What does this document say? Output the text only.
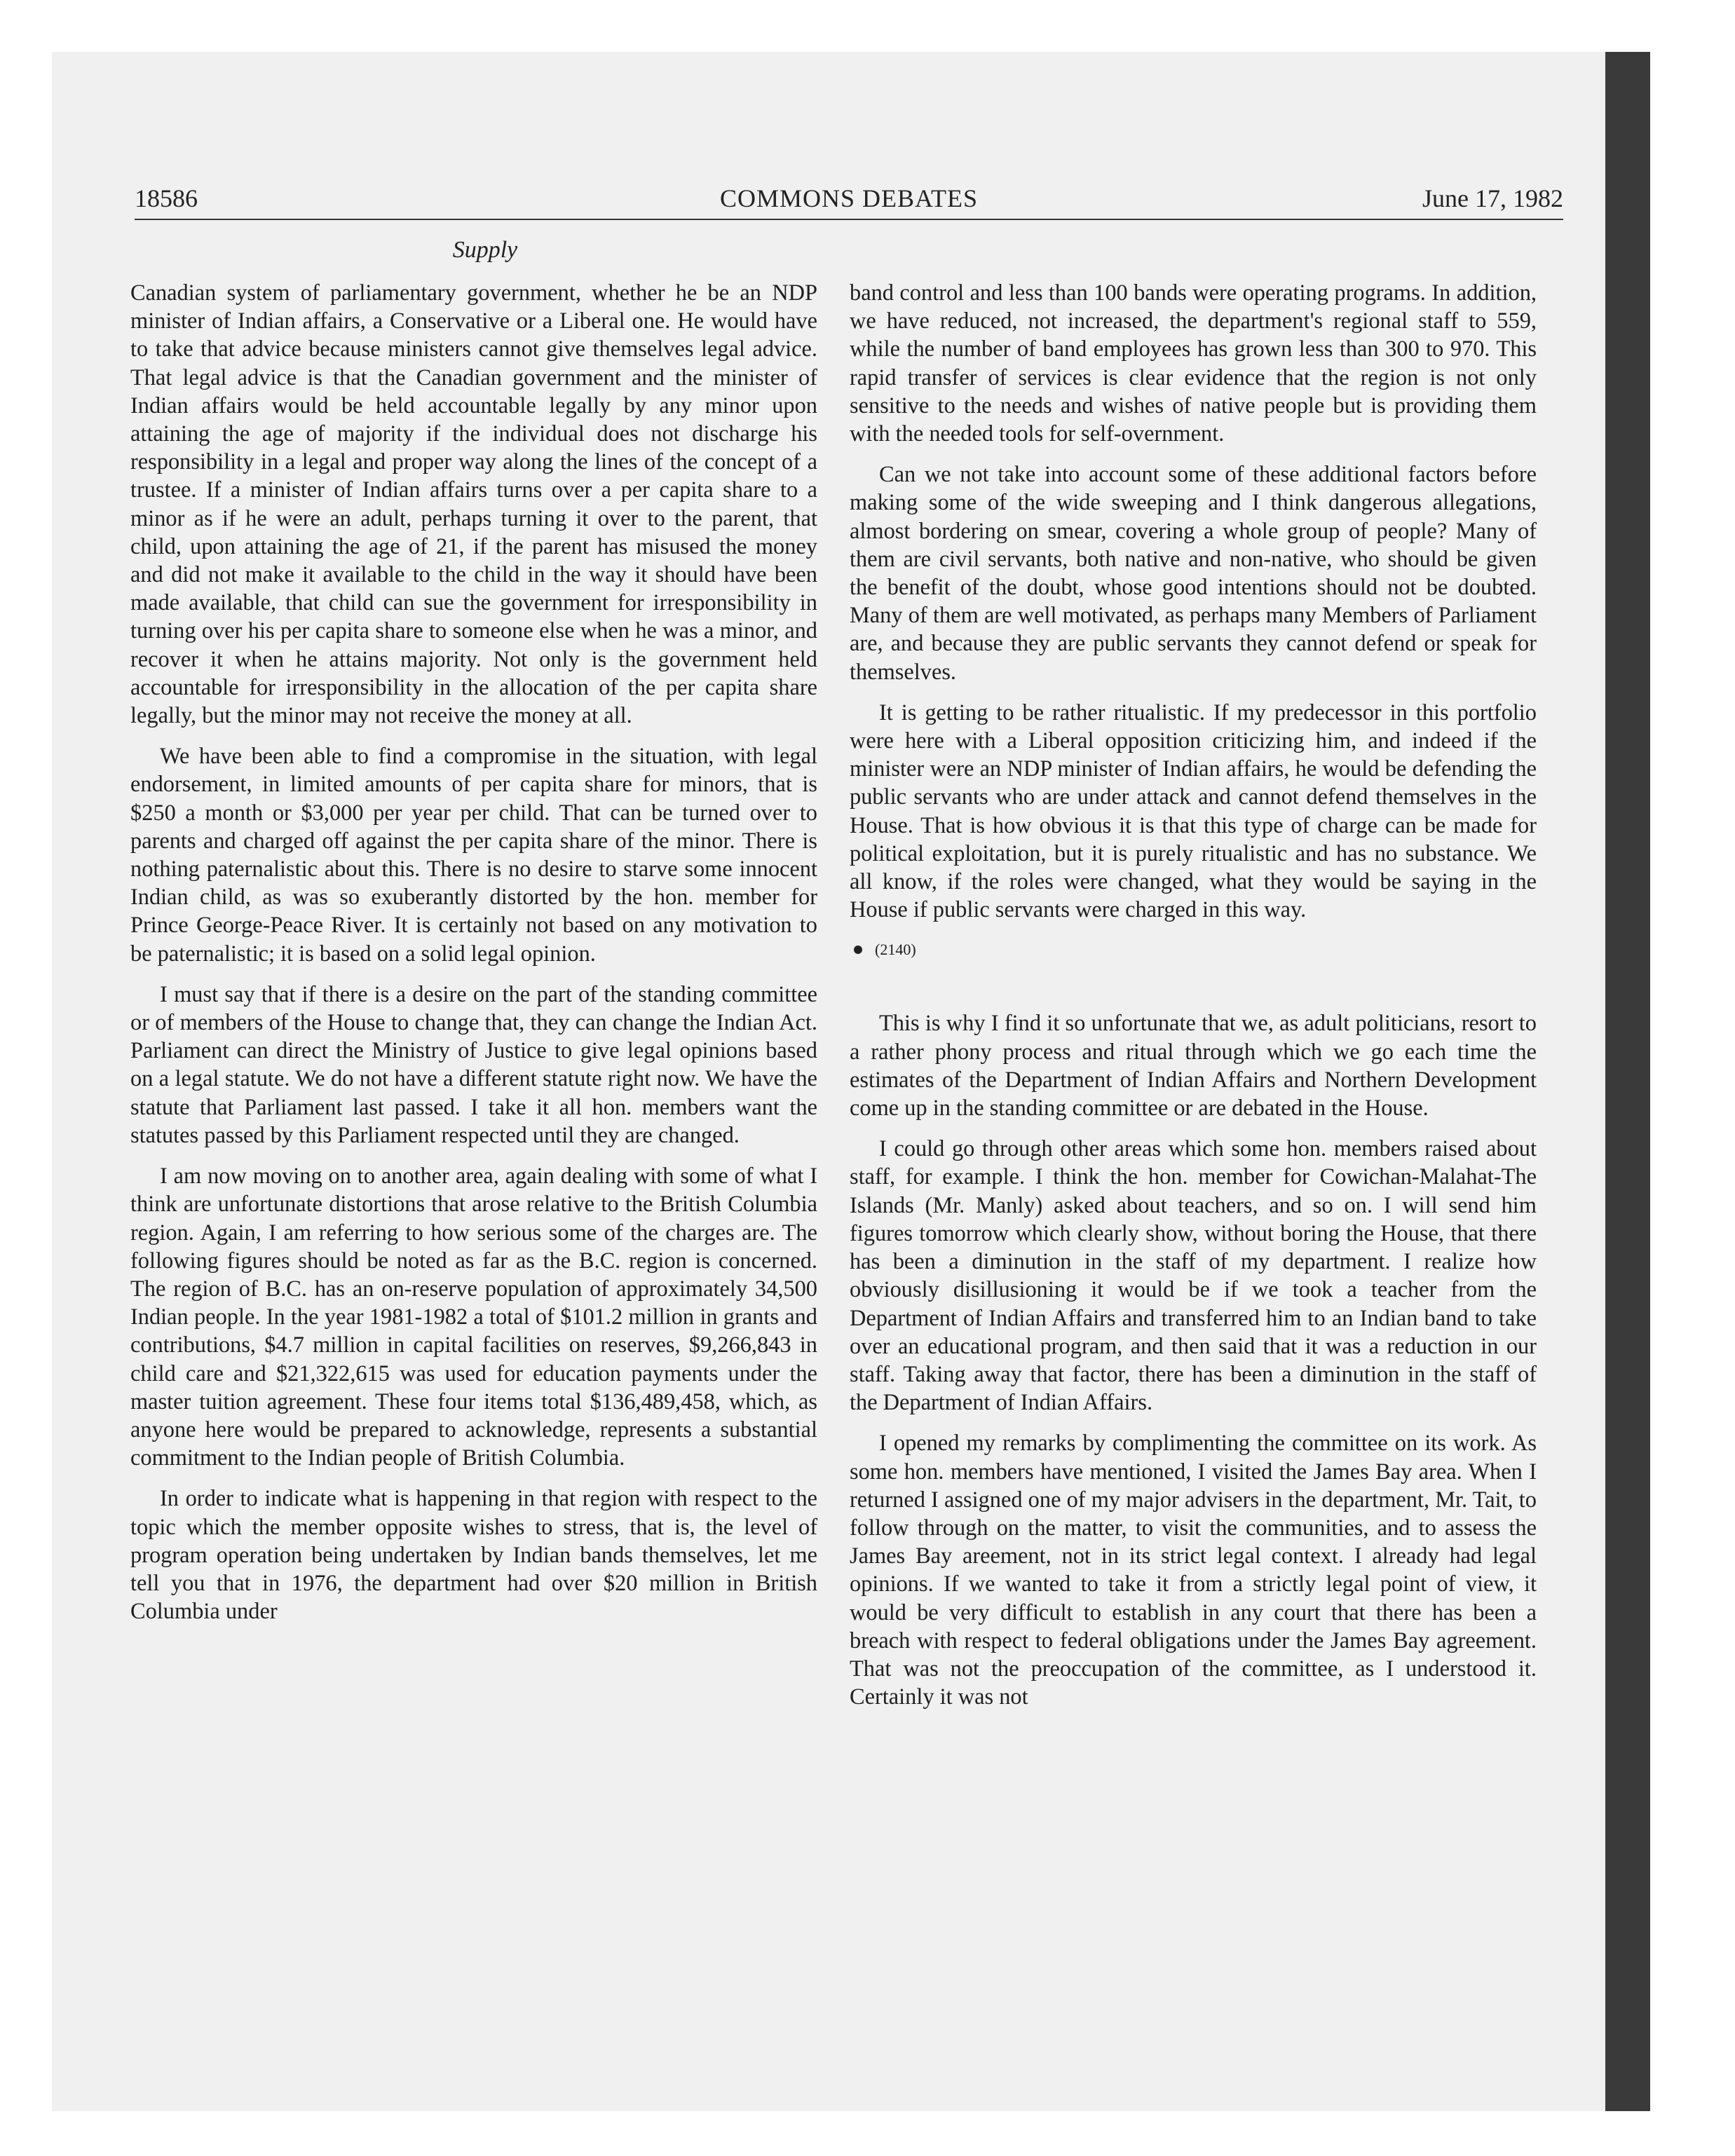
18586	COMMONS DEBATES	June 17, 1982
Supply

Canadian system of parliamentary government, whether he be an NDP minister of Indian affairs, a Conservative or a Liberal one. He would have to take that advice because ministers cannot give themselves legal advice. That legal advice is that the Canadian government and the minister of Indian affairs would be held accountable legally by any minor upon attaining the age of majority if the individual does not discharge his responsibility in a legal and proper way along the lines of the concept of a trustee. If a minister of Indian affairs turns over a per capita share to a minor as if he were an adult, perhaps turning it over to the parent, that child, upon attaining the age of 21, if the parent has misused the money and did not make it available to the child in the way it should have been made available, that child can sue the government for irresponsibility in turning over his per capita share to someone else when he was a minor, and recover it when he attains majority. Not only is the government held accountable for irresponsibility in the allocation of the per capita share legally, but the minor may not receive the money at all.

We have been able to find a compromise in the situation, with legal endorsement, in limited amounts of per capita share for minors, that is $250 a month or $3,000 per year per child. That can be turned over to parents and charged off against the per capita share of the minor. There is nothing paternalistic about this. There is no desire to starve some innocent Indian child, as was so exuberantly distorted by the hon. member for Prince George-Peace River. It is certainly not based on any motivation to be paternalistic; it is based on a solid legal opinion.

I must say that if there is a desire on the part of the standing committee or of members of the House to change that, they can change the Indian Act. Parliament can direct the Ministry of Justice to give legal opinions based on a legal statute. We do not have a different statute right now. We have the statute that Parliament last passed. I take it all hon. members want the statutes passed by this Parliament respected until they are changed.

I am now moving on to another area, again dealing with some of what I think are unfortunate distortions that arose relative to the British Columbia region. Again, I am referring to how serious some of the charges are. The following figures should be noted as far as the B.C. region is concerned. The region of B.C. has an on-reserve population of approximately 34,500 Indian people. In the year 1981-1982 a total of $101.2 million in grants and contributions, $4.7 million in capital facilities on reserves, $9,266,843 in child care and $21,322,615 was used for education payments under the master tuition agreement. These four items total $136,489,458, which, as anyone here would be prepared to acknowledge, represents a substantial commitment to the Indian people of British Columbia.

In order to indicate what is happening in that region with respect to the topic which the member opposite wishes to stress, that is, the level of program operation being undertaken by Indian bands themselves, let me tell you that in 1976, the department had over $20 million in British Columbia under

band control and less than 100 bands were operating programs. In addition, we have reduced, not increased, the department's regional staff to 559, while the number of band employees has grown less than 300 to 970. This rapid transfer of services is clear evidence that the region is not only sensitive to the needs and wishes of native people but is providing them with the needed tools for self-overnment.

Can we not take into account some of these additional factors before making some of the wide sweeping and I think dangerous allegations, almost bordering on smear, covering a whole group of people? Many of them are civil servants, both native and non-native, who should be given the benefit of the doubt, whose good intentions should not be doubted. Many of them are well motivated, as perhaps many Members of Parliament are, and because they are public servants they cannot defend or speak for themselves.

It is getting to be rather ritualistic. If my predecessor in this portfolio were here with a Liberal opposition criticizing him, and indeed if the minister were an NDP minister of Indian affairs, he would be defending the public servants who are under attack and cannot defend themselves in the House. That is how obvious it is that this type of charge can be made for political exploitation, but it is purely ritualistic and has no substance. We all know, if the roles were changed, what they would be saying in the House if public servants were charged in this way.

(2140)

This is why I find it so unfortunate that we, as adult politicians, resort to a rather phony process and ritual through which we go each time the estimates of the Department of Indian Affairs and Northern Development come up in the standing committee or are debated in the House.

I could go through other areas which some hon. members raised about staff, for example. I think the hon. member for Cowichan-Malahat-The Islands (Mr. Manly) asked about teachers, and so on. I will send him figures tomorrow which clearly show, without boring the House, that there has been a diminution in the staff of my department. I realize how obviously disillusioning it would be if we took a teacher from the Department of Indian Affairs and transferred him to an Indian band to take over an educational program, and then said that it was a reduction in our staff. Taking away that factor, there has been a diminution in the staff of the Department of Indian Affairs.

I opened my remarks by complimenting the committee on its work. As some hon. members have mentioned, I visited the James Bay area. When I returned I assigned one of my major advisers in the department, Mr. Tait, to follow through on the matter, to visit the communities, and to assess the James Bay areement, not in its strict legal context. I already had legal opinions. If we wanted to take it from a strictly legal point of view, it would be very difficult to establish in any court that there has been a breach with respect to federal obligations under the James Bay agreement. That was not the preoccupation of the committee, as I understood it. Certainly it was not
